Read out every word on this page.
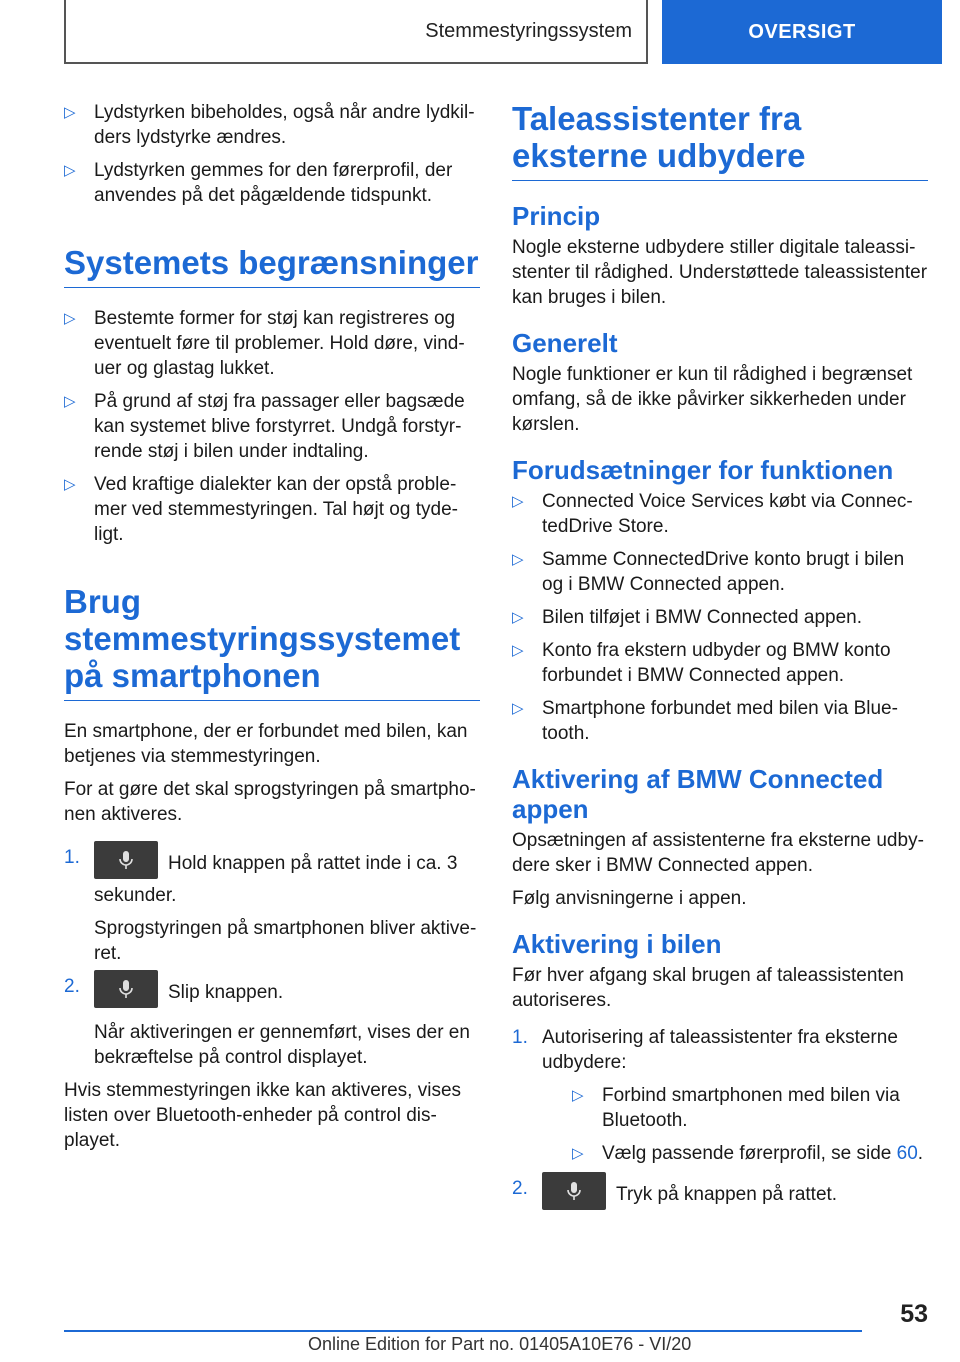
Stemmestyringssystem	OVERSIGT
▷ Lydstyrken bibeholdes, også når andre lydkilders lydstyrke ændres.
▷ Lydstyrken gemmes for den førerprofil, der anvendes på det pågældende tidspunkt.
Systemets begrænsninger
▷ Bestemte former for støj kan registreres og eventuelt føre til problemer. Hold døre, vinduer og glastag lukket.
▷ På grund af støj fra passager eller bagsæde kan systemet blive forstyrret. Undgå forstyrrende støj i bilen under indtaling.
▷ Ved kraftige dialekter kan der opstå problemer ved stemmestyringen. Tal højt og tydeligt.
Brug stemmestyringssystemet på smartphonen

En smartphone, der er forbundet med bilen, kan betjenes via stemmestyringen.

For at gøre det skal sprogstyringen på smartphonen aktiveres.

1.	Hold knappen på rattet inde i ca. 3 sekunder.

Sprogstyringen på smartphonen bliver aktiveret.

2.	Slip knappen.

Når aktiveringen er gennemført, vises der en bekræftelse på control displayet.

Hvis stemmestyringen ikke kan aktiveres, vises listen over Bluetooth-enheder på control displayet.

Taleassistenter fra eksterne udbydere
Princip

Nogle eksterne udbydere stiller digitale taleassistenter til rådighed. Understøttede taleassistenter kan bruges i bilen.

Generelt

Nogle funktioner er kun til rådighed i begrænset omfang, så de ikke påvirker sikkerheden under kørslen.

Forudsætninger for funktionen
▷ Connected Voice Services købt via ConnectedDrive Store.
▷ Samme ConnectedDrive konto brugt i bilen og i BMW Connected appen.
▷ Bilen tilføjet i BMW Connected appen.
▷ Konto fra ekstern udbyder og BMW konto forbundet i BMW Connected appen.
▷ Smartphone forbundet med bilen via Bluetooth.
Aktivering af BMW Connected appen

Opsætningen af assistenterne fra eksterne udbydere sker i BMW Connected appen.

Følg anvisningerne i appen.

Aktivering i bilen

Før hver afgang skal brugen af taleassistenten autoriseres.

1. Autorisering af taleassistenter fra eksterne udbydere:
▷ Forbind smartphonen med bilen via Bluetooth.
▷ Vælg passende førerprofil, se side 60.
2.	Tryk på knappen på rattet.
53
Online Edition for Part no. 01405A10E76 - VI/20
